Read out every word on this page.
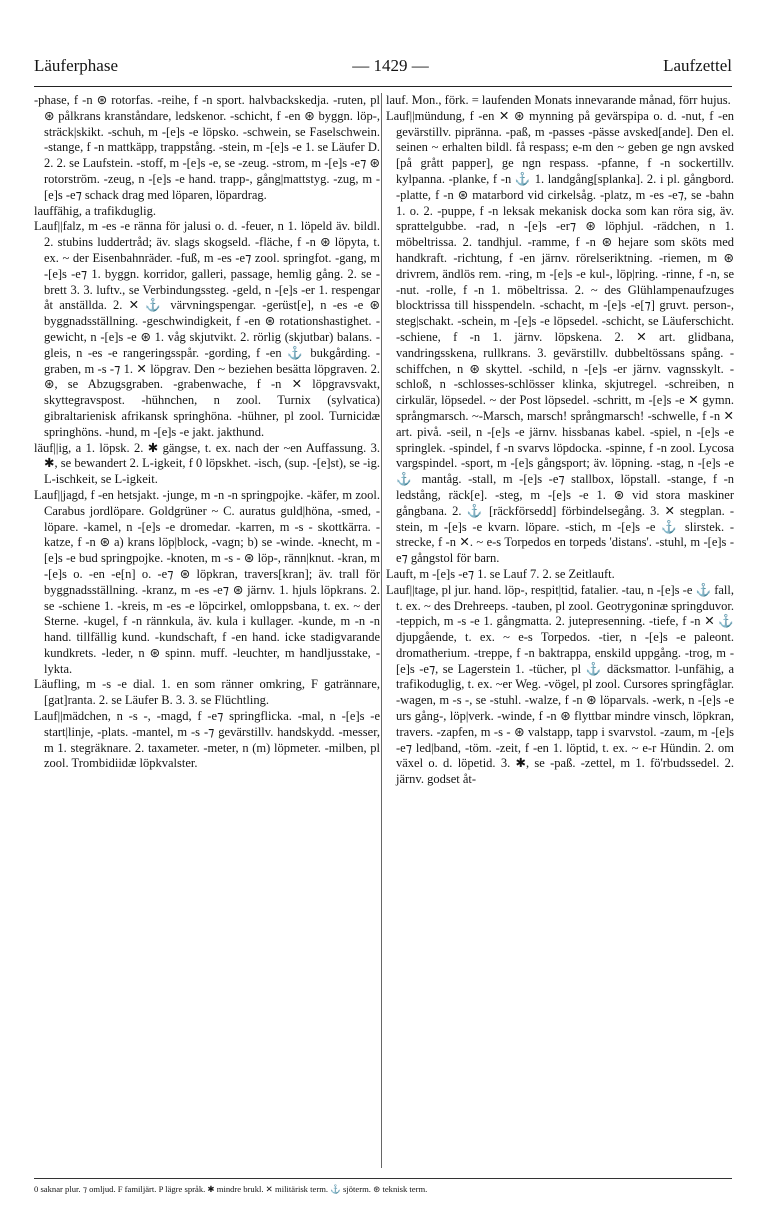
Läuferphase	— 1429 —	Laufzettel

-phase, f -n ⊛ rotorfas. -reihe, f -n sport. halvbackskedja. -ruten, pl ⊛ pålkrans kranståndare, ledskenor. -schicht, f -en ⊛ byggn. löp-, sträck|skikt. -schuh, m -[e]s -e löpsko. -schwein, se Faselschwein. -stange, f -n mattkäpp, trappstång. -stein, m -[e]s -e 1. se Läufer D. 2. 2. se Laufstein. -stoff, m -[e]s -e, se -zeug. -strom, m -[e]s -e⁊ ⊛ rotorström. -zeug, n -[e]s -e hand. trapp-, gång|mattstyg. -zug, m -[e]s -e⁊ schack drag med löparen, löpardrag.

lauffähig, a trafikduglig.

Lauf||falz, m -es -e ränna för jalusi o. d. -feuer, n 1. löpeld äv. bildl. 2. stubins luddertråd; äv. slags skogseld. -fläche, f -n ⊛ löpyta, t. ex. ~ der Eisenbahnräder. -fuß, m -es -e⁊ zool. springfot. -gang, m -[e]s -e⁊ 1. byggn. korridor, galleri, passage, hemlig gång. 2. se -brett 3. 3. luftv., se Verbindungssteg. -geld, n -[e]s -er 1. respengar åt anställda. 2. ✕ ⚓ värvningspengar. -gerüst[e], n -es -e ⊛ byggnadsställning. -geschwindigkeit, f -en ⊛ rotationshastighet. -gewicht, n -[e]s -e ⊛ 1. våg skjutvikt. 2. rörlig (skjutbar) balans. -gleis, n -es -e rangeringsspår. -gording, f -en ⚓ bukgårding. -graben, m -s -⁊ 1. ✕ löpgrav. Den ~ beziehen besätta löpgraven. 2. ⊛, se Abzugsgraben. -grabenwache, f -n ✕ löpgravsvakt, skyttegravspost. -hühnchen, n zool. Turnix (sylvatica) gibraltarienisk afrikansk springhöna. -hühner, pl zool. Turnicidæ springhöns. -hund, m -[e]s -e jakt. jakthund.

läuf||ig, a 1. löpsk. 2. ✱ gängse, t. ex. nach der ~en Auffassung. 3. ✱, se bewandert 2. L-igkeit, f 0 löpskhet. -isch, (sup. -[e]st), se -ig. L-ischkeit, se L-igkeit.

Lauf||jagd, f -en hetsjakt. -junge, m -n -n springpojke. -käfer, m zool. Carabus jordlöpare. Goldgrüner ~ C. auratus guld|höna, -smed, -löpare. -kamel, n -[e]s -e dromedar. -karren, m -s - skottkärra. -katze, f -n ⊛ a) krans löp|block, -vagn; b) se -winde. -knecht, m -[e]s -e bud springpojke. -knoten, m -s - ⊛ löp-, ränn|knut. -kran, m -[e]s o. -en -e[n] o. -e⁊ ⊛ löpkran, travers[kran]; äv. trall för byggnadsställning. -kranz, m -es -e⁊ ⊛ järnv. 1. hjuls löpkrans. 2. se -schiene 1. -kreis, m -es -e löpcirkel, omloppsbana, t. ex. ~ der Sterne. -kugel, f -n rännkula, äv. kula i kullager. -kunde, m -n -n hand. tillfällig kund. -kundschaft, f -en hand. icke stadigvarande kundkrets. -leder, n ⊛ spinn. muff. -leuchter, m handljusstake, -lykta.

Läufling, m -s -e dial. 1. en som ränner omkring, F gatrännare, [gat]ranta. 2. se Läufer B. 3. 3. se Flüchtling.

Lauf||mädchen, n -s -, -magd, f -e⁊ springflicka. -mal, n -[e]s -e start|linje, -plats. -mantel, m -s -⁊ gevärstillv. handskydd. -messer, m 1. stegräknare. 2. taxameter. -meter, n (m) löpmeter. -milben, pl zool. Trombidiidæ löpkvalster.

lauf. Mon., förk. = laufenden Monats innevarande månad, förr hujus.

Lauf||mündung, f -en ✕ ⊛ mynning på gevärspipa o. d. -nut, f -en gevärstillv. pipränna. -paß, m -passes -pässe avsked[ande]. Den el. seinen ~ erhalten bildl. få respass; e-m den ~ geben ge ngn avsked [på grått papper], ge ngn respass. -pfanne, f -n sockertillv. kylpanna. -planke, f -n ⚓ 1. landgång[splanka]. 2. i pl. gångbord. -platte, f -n ⊛ matarbord vid cirkelsåg. -platz, m -es -e⁊, se -bahn 1. o. 2. -puppe, f -n leksak mekanisk docka som kan röra sig, äv. sprattelgubbe. -rad, n -[e]s -er⁊ ⊛ löphjul. -rädchen, n 1. möbeltrissa. 2. tandhjul. -ramme, f -n ⊛ hejare som sköts med handkraft. -richtung, f -en järnv. rörelseriktning. -riemen, m ⊛ drivrem, ändlös rem. -ring, m -[e]s -e kul-, löp|ring. -rinne, f -n, se -nut. -rolle, f -n 1. möbeltrissa. 2. ~ des Glühlampenaufzuges blocktrissa till hisspendeln. -schacht, m -[e]s -e[⁊] gruvt. person-, steg|schakt. -schein, m -[e]s -e löpsedel. -schicht, se Läuferschicht. -schiene, f -n 1. järnv. löpskena. 2. ✕ art. glidbana, vandringsskena, rullkrans. 3. gevärstillv. dubbeltössans spång. -schiffchen, n ⊛ skyttel. -schild, n -[e]s -er järnv. vagnsskylt. -schloß, n -schlosses-schlösser klinka, skjutregel. -schreiben, n cirkulär, löpsedel. ~ der Post löpsedel. -schritt, m -[e]s -e ✕ gymn. språngmarsch. ~-Marsch, marsch! språngmarsch! -schwelle, f -n ✕ art. pivå. -seil, n -[e]s -e järnv. hissbanas kabel. -spiel, n -[e]s -e springlek. -spindel, f -n svarvs löpdocka. -spinne, f -n zool. Lycosa vargspindel. -sport, m -[e]s gångsport; äv. löpning. -stag, n -[e]s -e ⚓ mantåg. -stall, m -[e]s -e⁊ stallbox, löpstall. -stange, f -n ledstång, räck[e]. -steg, m -[e]s -e 1. ⊛ vid stora maskiner gångbana. 2. ⚓ [räckförsedd] förbindelsegång. 3. ✕ stegplan. -stein, m -[e]s -e kvarn. löpare. -stich, m -[e]s -e ⚓ slirstek. -strecke, f -n ✕. ~ e-s Torpedos en torpeds 'distans'. -stuhl, m -[e]s -e⁊ gångstol för barn.

Lauft, m -[e]s -e⁊ 1. se Lauf 7. 2. se Zeitlauft.

Lauf||tage, pl jur. hand. löp-, respit|tid, fatalier. -tau, n -[e]s -e ⚓ fall, t. ex. ~ des Drehreeps. -tauben, pl zool. Geotrygoninæ springduvor. -teppich, m -s -e 1. gångmatta. 2. jutepresenning. -tiefe, f -n ✕ ⚓ djupgående, t. ex. ~ e-s Torpedos. -tier, n -[e]s -e paleont. dromatherium. -treppe, f -n baktrappa, enskild uppgång. -trog, m -[e]s -e⁊, se Lagerstein 1. -tücher, pl ⚓ däcksmattor. l-unfähig, a trafikoduglig, t. ex. ~er Weg. -vögel, pl zool. Cursores springfåglar. -wagen, m -s -, se -stuhl. -walze, f -n ⊛ löparvals. -werk, n -[e]s -e urs gång-, löp|verk. -winde, f -n ⊛ flyttbar mindre vinsch, löpkran, travers. -zapfen, m -s - ⊛ valstapp, tapp i svarvstol. -zaum, m -[e]s -e⁊ led|band, -töm. -zeit, f -en 1. löptid, t. ex. ~ e-r Hündin. 2. om växel o. d. löpetid. 3. ✱, se -paß. -zettel, m 1. fö'rbudssedel. 2. järnv. godset åt-

0 saknar plur. ⁊ omljud. F familjärt. P lägre språk. ✱ mindre brukl. ✕ militärisk term. ⚓ sjöterm. ⊛ teknisk term.
